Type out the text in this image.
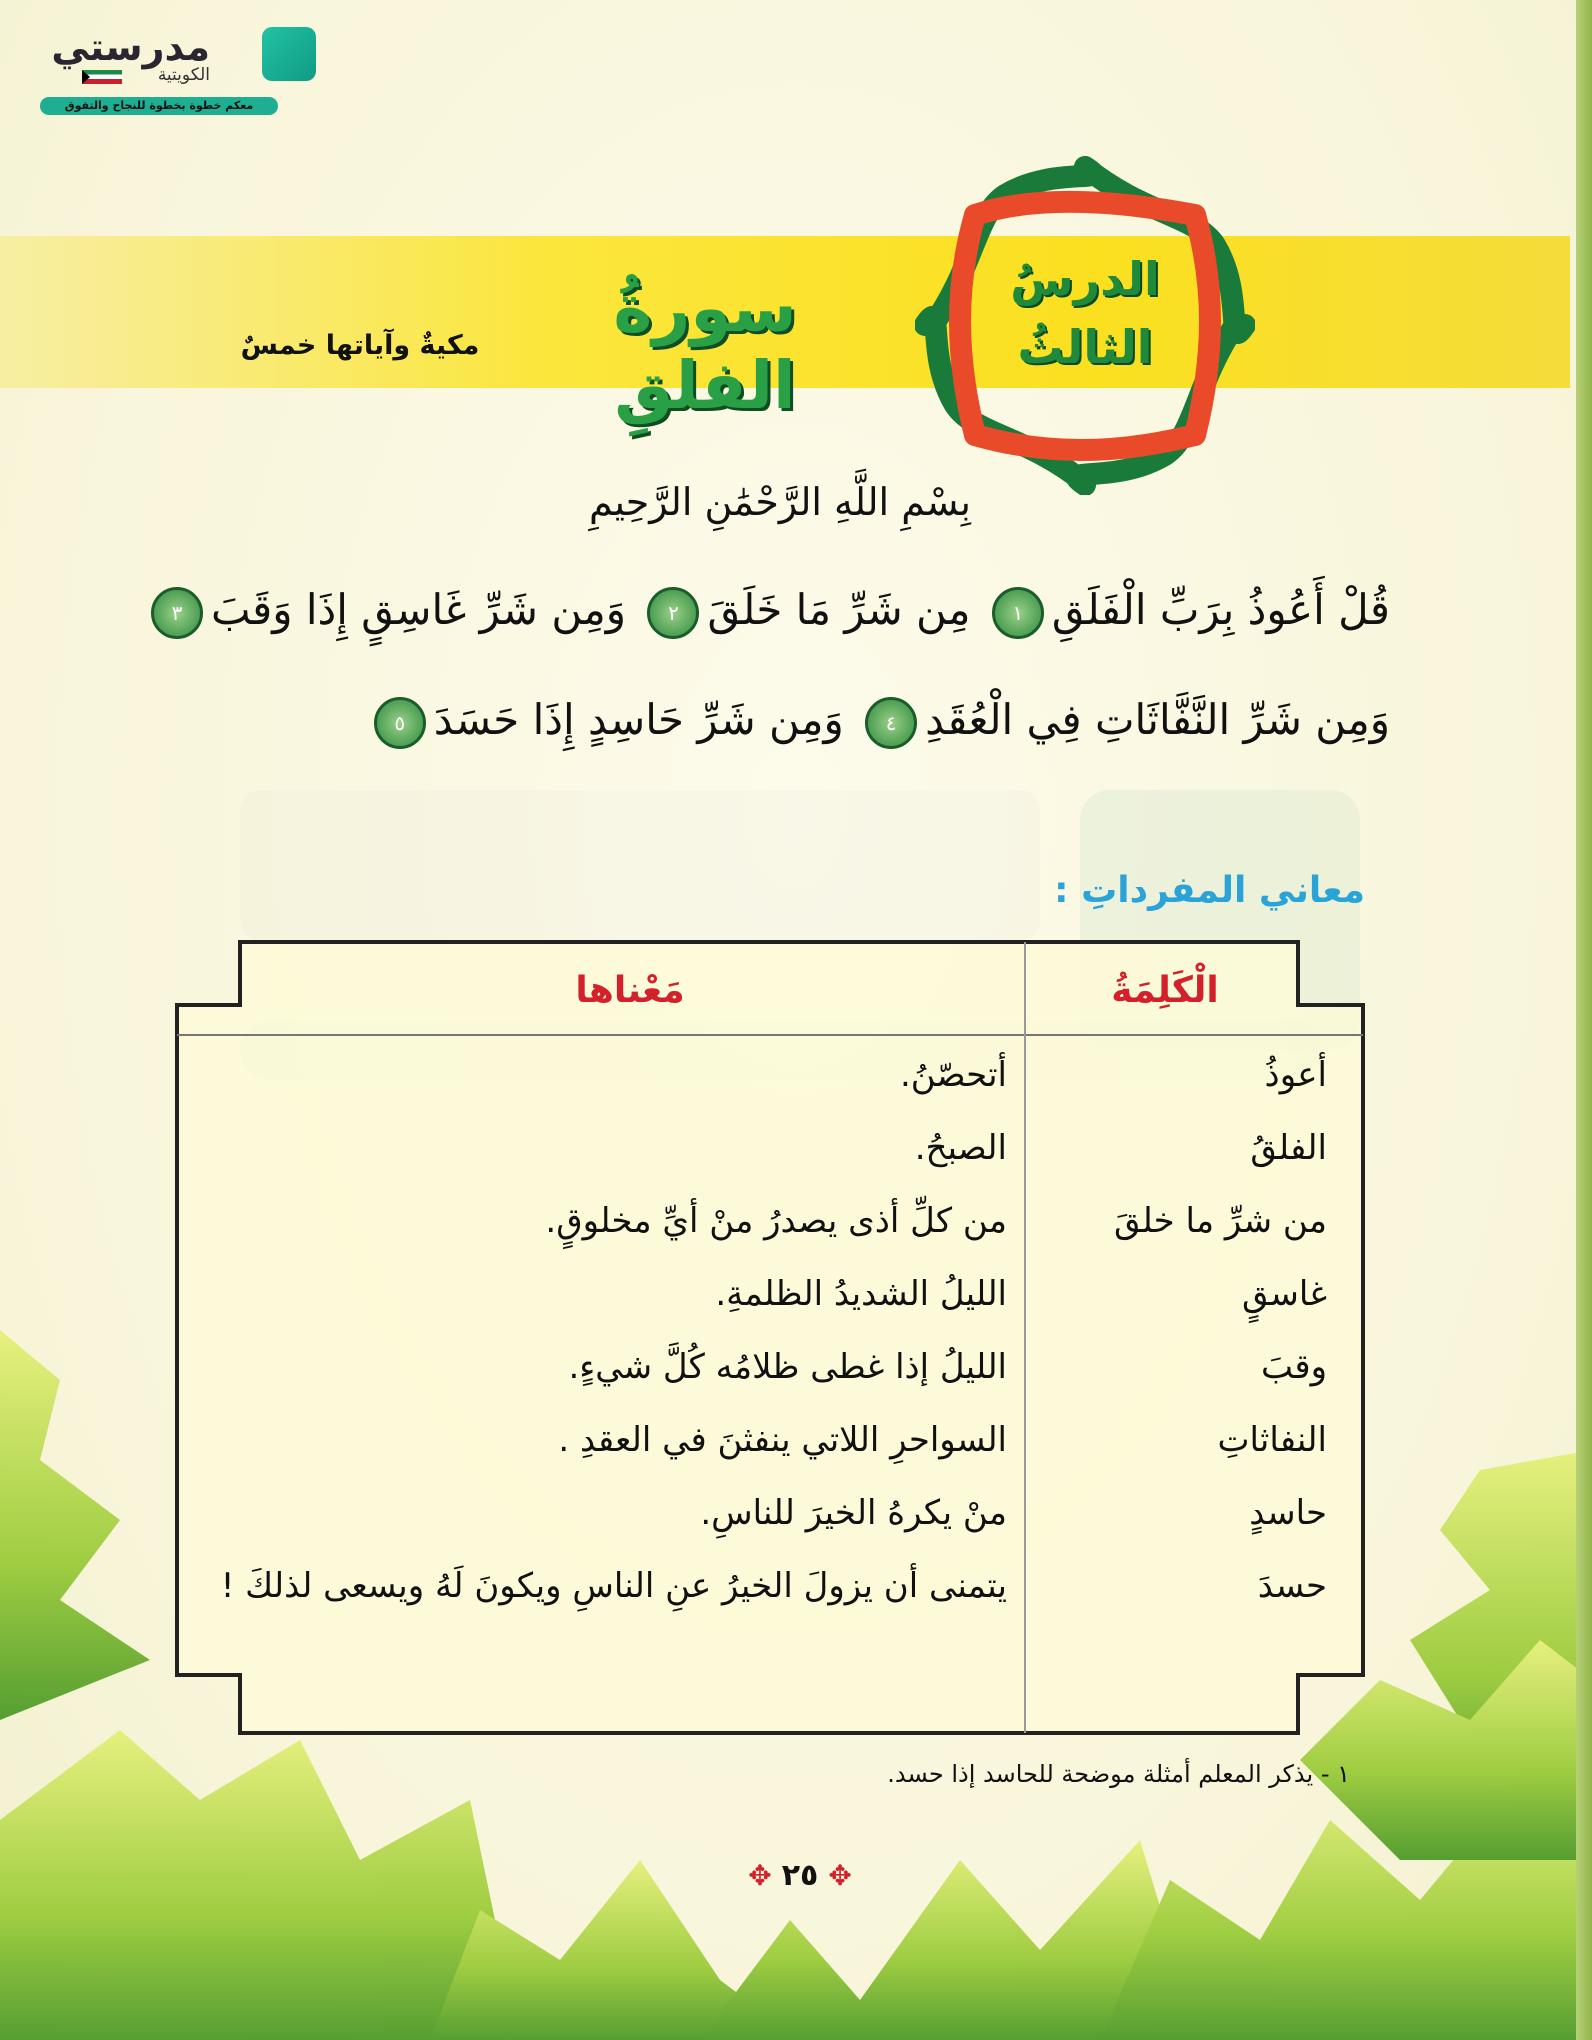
مدرستي
الكويتية
معكم خطوة بخطوة للنجاح والتفوق
الدرسُ
الثالثُ
سورةُ الفلقِ
مكيةٌ وآياتها خمسٌ
بِسْمِ اللَّهِ الرَّحْمَٰنِ الرَّحِيمِ
قُلْ أَعُوذُ بِرَبِّ الْفَلَقِ١ مِن شَرِّ مَا خَلَقَ٢ وَمِن شَرِّ غَاسِقٍ إِذَا وَقَبَ٣
وَمِن شَرِّ النَّفَّاثَاتِ فِي الْعُقَدِ٤ وَمِن شَرِّ حَاسِدٍ إِذَا حَسَدَ٥
معاني المفرداتِ :
الْكَلِمَةُ
مَعْناها
أعوذُ
أتحصّنُ.
الفلقُ
الصبحُ.
من شرِّ ما خلقَ
من كلِّ أذى يصدرُ منْ أيِّ مخلوقٍ.
غاسقٍ
الليلُ الشديدُ الظلمةِ.
وقبَ
الليلُ إذا غطى ظلامُه كُلَّ شيءٍ.
النفاثاتِ
السواحرِ اللاتي ينفثنَ في العقدِ .
حاسدٍ
منْ يكرهُ الخيرَ للناسِ.
حسدَ
يتمنى أن يزولَ الخيرُ عنِ الناسِ ويكونَ لَهُ ويسعى لذلكَ !
١ - يذكر المعلم أمثلة موضحة للحاسد إذا حسد.
✥٢٥✥
